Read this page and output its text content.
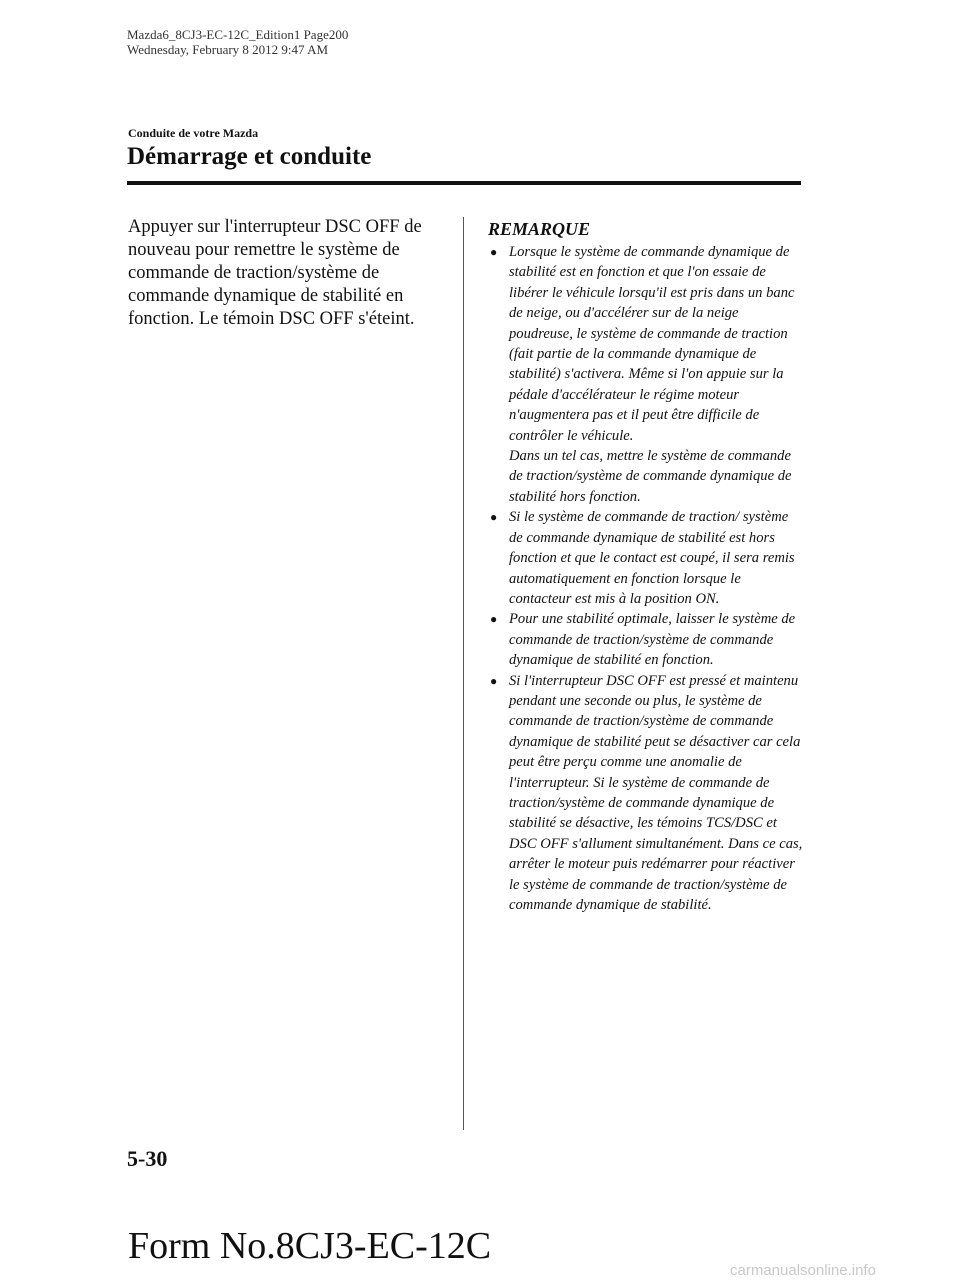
Mazda6_8CJ3-EC-12C_Edition1 Page200
Wednesday, February 8 2012 9:47 AM
Conduite de votre Mazda
Démarrage et conduite

Appuyer sur l'interrupteur DSC OFF de nouveau pour remettre le système de commande de traction/système de commande dynamique de stabilité en fonction. Le témoin DSC OFF s'éteint.

REMARQUE
● Lorsque le système de commande dynamique de stabilité est en fonction et que l'on essaie de libérer le véhicule lorsqu'il est pris dans un banc de neige, ou d'accélérer sur de la neige poudreuse, le système de commande de traction (fait partie de la commande dynamique de stabilité) s'activera. Même si l'on appuie sur la pédale d'accélérateur le régime moteur n'augmentera pas et il peut être difficile de contrôler le véhicule.

Dans un tel cas, mettre le système de commande de traction/système de commande dynamique de stabilité hors fonction.

● Si le système de commande de traction/ système de commande dynamique de stabilité est hors fonction et que le contact est coupé, il sera remis automatiquement en fonction lorsque le contacteur est mis à la position ON.

● Pour une stabilité optimale, laisser le système de commande de traction/système de commande dynamique de stabilité en fonction.

● Si l'interrupteur DSC OFF est pressé et maintenu pendant une seconde ou plus, le système de commande de traction/système de commande dynamique de stabilité peut se désactiver car cela peut être perçu comme une anomalie de l'interrupteur. Si le système de commande de traction/système de commande dynamique de stabilité se désactive, les témoins TCS/DSC et DSC OFF s'allument simultanément. Dans ce cas, arrêter le moteur puis redémarrer pour réactiver le système de commande de traction/système de commande dynamique de stabilité.

5-30
Form No.8CJ3-EC-12C
carmanualsonline.info
